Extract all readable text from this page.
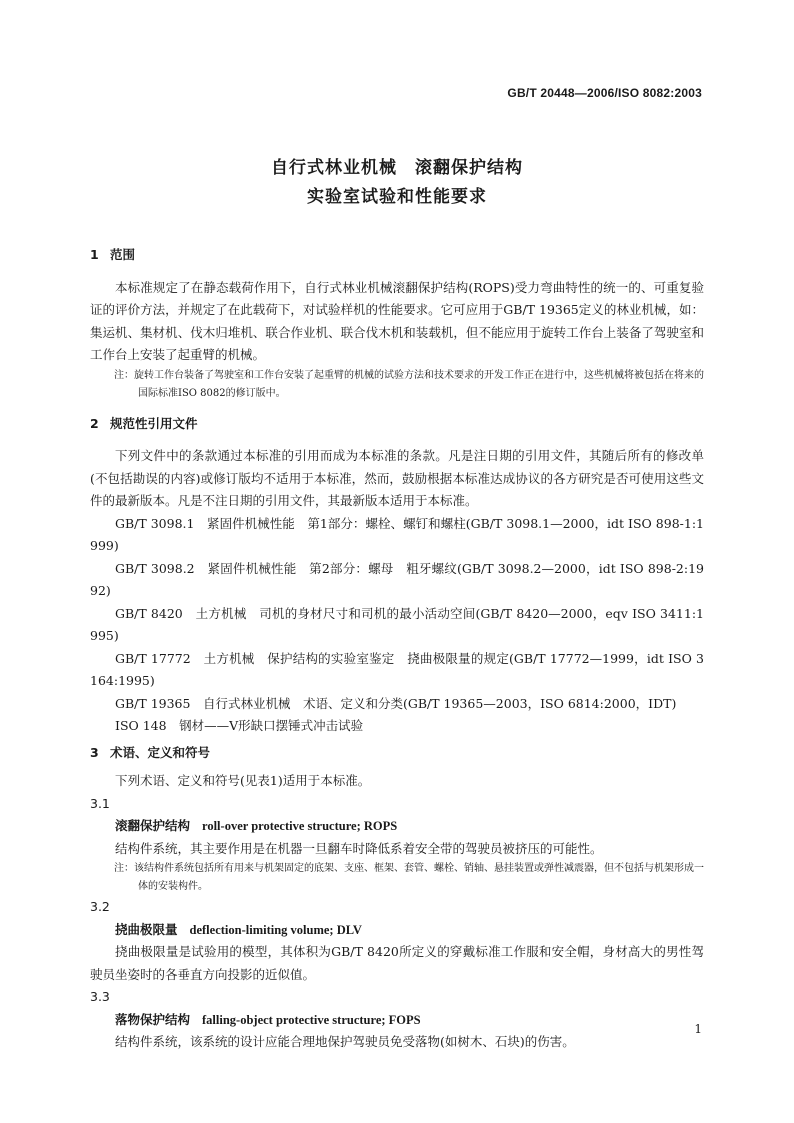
GB/T 20448—2006/ISO 8082:2003
自行式林业机械　滚翻保护结构
实验室试验和性能要求

1 范围

本标准规定了在静态载荷作用下，自行式林业机械滚翻保护结构(ROPS)受力弯曲特性的统一的、可重复验证的评价方法，并规定了在此载荷下，对试验样机的性能要求。它可应用于GB/T 19365定义的林业机械，如：集运机、集材机、伐木归堆机、联合作业机、联合伐木机和装载机，但不能应用于旋转工作台上装备了驾驶室和工作台上安装了起重臂的机械。

注：旋转工作台装备了驾驶室和工作台安装了起重臂的机械的试验方法和技术要求的开发工作正在进行中，这些机械将被包括在将来的国际标准ISO 8082的修订版中。

2 规范性引用文件

下列文件中的条款通过本标准的引用而成为本标准的条款。凡是注日期的引用文件，其随后所有的修改单(不包括勘误的内容)或修订版均不适用于本标准，然而，鼓励根据本标准达成协议的各方研究是否可使用这些文件的最新版本。凡是不注日期的引用文件，其最新版本适用于本标准。

GB/T 3098.1　紧固件机械性能　第1部分：螺栓、螺钉和螺柱(GB/T 3098.1—2000，idt ISO 898-1:1999)

GB/T 3098.2　紧固件机械性能　第2部分：螺母　粗牙螺纹(GB/T 3098.2—2000，idt ISO 898-2:1992)

GB/T 8420　土方机械　司机的身材尺寸和司机的最小活动空间(GB/T 8420—2000，eqv ISO 3411:1995)

GB/T 17772　土方机械　保护结构的实验室鉴定　挠曲极限量的规定(GB/T 17772—1999，idt ISO 3164:1995)

GB/T 19365　自行式林业机械　术语、定义和分类(GB/T 19365—2003，ISO 6814:2000，IDT)

ISO 148　钢材——V形缺口摆锤式冲击试验

3 术语、定义和符号

下列术语、定义和符号(见表1)适用于本标准。

3.1

滚翻保护结构 roll-over protective structure; ROPS

结构件系统，其主要作用是在机器一旦翻车时降低系着安全带的驾驶员被挤压的可能性。

注：该结构件系统包括所有用来与机架固定的底架、支座、框架、套管、螺栓、销轴、悬挂装置或弹性减震器，但不包括与机架形成一体的安装构件。

3.2

挠曲极限量 deflection-limiting volume; DLV

挠曲极限量是试验用的模型，其体积为GB/T 8420所定义的穿戴标准工作服和安全帽，身材高大的男性驾驶员坐姿时的各垂直方向投影的近似值。

3.3

落物保护结构 falling-object protective structure; FOPS

结构件系统，该系统的设计应能合理地保护驾驶员免受落物(如树木、石块)的伤害。

1
